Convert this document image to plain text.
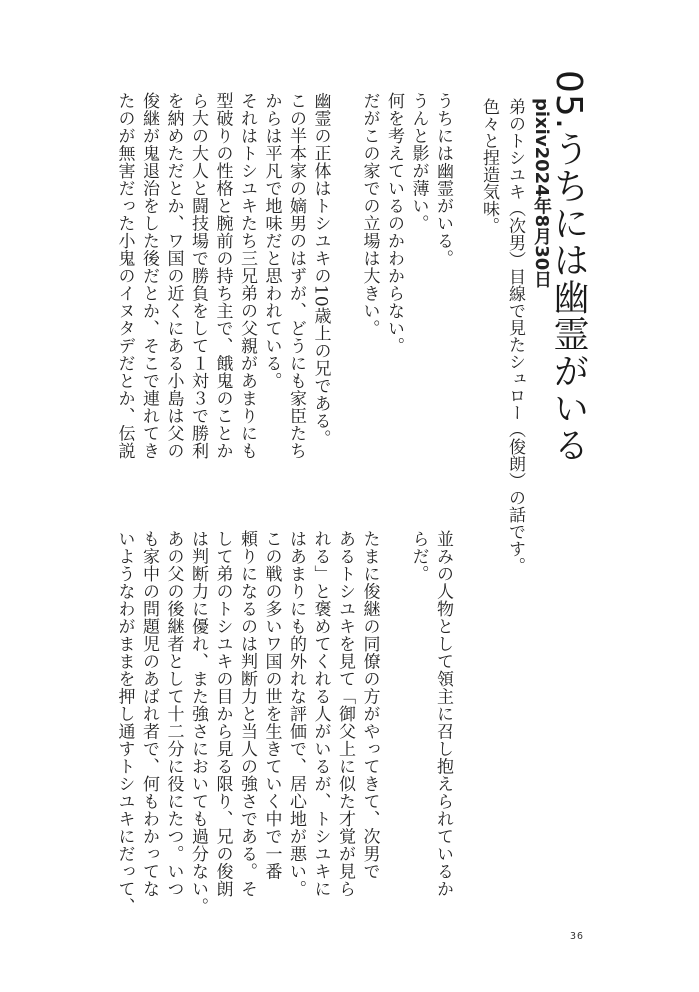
05.うちには幽霊がいる
pixiv2024年8月30日
弟のトシユキ（次男）目線で見たシュロー（俊朗）の話です。
色々と捏造気味。
うちには幽霊がいる。
うんと影が薄い。
何を考えているのかわからない。
だがこの家での立場は大きい。
幽霊の正体はトシユキの10歳上の兄である。
この半本家の嫡男のはずが、どうにも家臣たち
からは平凡で地味だと思われている。
それはトシユキたち三兄弟の父親があまりにも
型破りの性格と腕前の持ち主で、餓鬼のことか
ら大の大人と闘技場で勝負をして１対３で勝利
を納めただとか、ワ国の近くにある小島は父の
俊継が鬼退治をした後だとか、そこで連れてき
たのが無害だった小鬼のイヌタデだとか、伝説
並みの人物として領主に召し抱えられているか
らだ。
たまに俊継の同僚の方がやってきて、次男で
あるトシユキを見て「御父上に似た才覚が見ら
れる」と褒めてくれる人がいるが、トシユキに
はあまりにも的外れな評価で、居心地が悪い。
この戦の多いワ国の世を生きていく中で一番
頼りになるのは判断力と当人の強さである。そ
して弟のトシユキの目から見る限り、兄の俊朗
は判断力に優れ、また強さにおいても過分ない。
あの父の後継者として十二分に役にたつ。いつ
も家中の問題児のあばれ者で、何もわかってな
いようなわがままを押し通すトシユキにだって、
36
